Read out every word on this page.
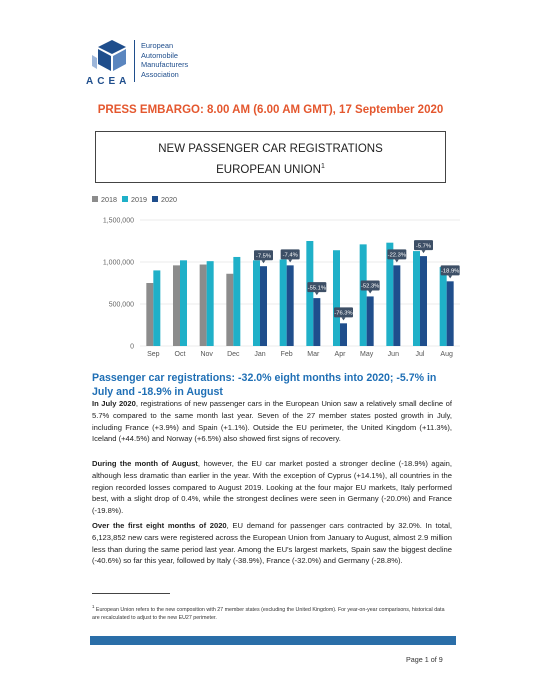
ACEA
European
Automobile
Manufacturers
Association
PRESS EMBARGO: 8.00 AM (6.00 AM GMT), 17 September 2020
NEW PASSENGER CAR REGISTRATIONS
EUROPEAN UNION$^1$
2018 2019 2020
0
500,000
1,000,000
1,500,000
Sep Oct Nov Dec Jan
-7.5%
Feb
-7.4%
Mar
-55.1%
Apr
-76.3%
May
-52.3%
Jun
-22.3%
Jul
-5.7%
Aug
-18.9%
Passenger car registrations: -32.0% eight months into 2020; -5.7% in July and -18.9% in August
In July 2020, registrations of new passenger cars in the European Union saw a relatively small decline of 5.7% compared to the same month last year. Seven of the 27 member states posted growth in July, including France (+3.9%) and Spain (+1.1%). Outside the EU perimeter, the United Kingdom (+11.3%), Iceland (+44.5%) and Norway (+6.5%) also showed first signs of recovery.
During the month of August, however, the EU car market posted a stronger decline (-18.9%) again, although less dramatic than earlier in the year. With the exception of Cyprus (+14.1%), all countries in the region recorded losses compared to August 2019. Looking at the four major EU markets, Italy performed best, with a slight drop of 0.4%, while the strongest declines were seen in Germany (-20.0%) and France (-19.8%).
Over the first eight months of 2020, EU demand for passenger cars contracted by 32.0%. In total, 6,123,852 new cars were registered across the European Union from January to August, almost 2.9 million less than during the same period last year. Among the EU's largest markets, Spain saw the biggest decline (-40.6%) so far this year, followed by Italy (-38.9%), France (-32.0%) and Germany (-28.8%).
$^1$ European Union refers to the new composition with 27 member states (excluding the United Kingdom). For year-on-year comparisons, historical data are recalculated to adjust to the new EU27 perimeter.
Page 1 of 9
